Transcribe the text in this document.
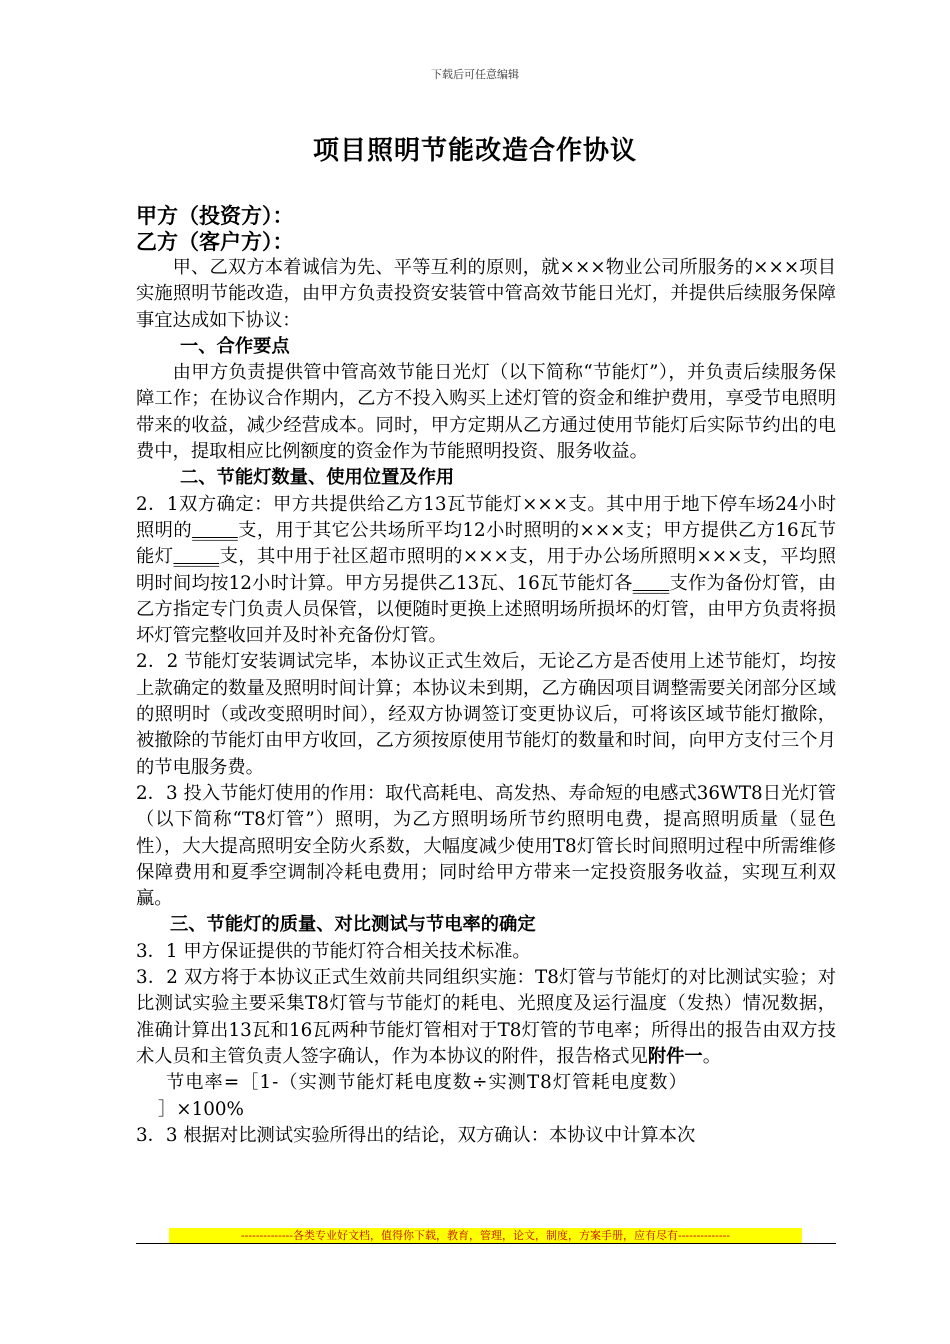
下载后可任意编辑
项目照明节能改造合作协议
甲方（投资方）：
乙方（客户方）：

甲、乙双方本着诚信为先、平等互利的原则，就×××物业公司所服务的×××项目实施照明节能改造，由甲方负责投资安装管中管高效节能日光灯，并提供后续服务保障事宜达成如下协议：

一、合作要点

由甲方负责提供管中管高效节能日光灯（以下简称“节能灯”），并负责后续服务保障工作；在协议合作期内，乙方不投入购买上述灯管的资金和维护费用，享受节电照明带来的收益，减少经营成本。同时，甲方定期从乙方通过使用节能灯后实际节约出的电费中，提取相应比例额度的资金作为节能照明投资、服务收益。

二、节能灯数量、使用位置及作用

2．1双方确定：甲方共提供给乙方13瓦节能灯×××支。其中用于地下停车场24小时照明的_____支，用于其它公共场所平均12小时照明的×××支；甲方提供乙方16瓦节能灯_____支，其中用于社区超市照明的×××支，用于办公场所照明×××支，平均照明时间均按12小时计算。甲方另提供乙13瓦、16瓦节能灯各____支作为备份灯管，由乙方指定专门负责人员保管，以便随时更换上述照明场所损坏的灯管，由甲方负责将损坏灯管完整收回并及时补充备份灯管。

2．2 节能灯安装调试完毕，本协议正式生效后，无论乙方是否使用上述节能灯，均按上款确定的数量及照明时间计算；本协议未到期，乙方确因项目调整需要关闭部分区域的照明时（或改变照明时间），经双方协调签订变更协议后，可将该区域节能灯撤除，被撤除的节能灯由甲方收回，乙方须按原使用节能灯的数量和时间，向甲方支付三个月的节电服务费。

2．3 投入节能灯使用的作用：取代高耗电、高发热、寿命短的电感式36WT8日光灯管（以下简称“T8灯管”）照明，为乙方照明场所节约照明电费，提高照明质量（显色性），大大提高照明安全防火系数，大幅度减少使用T8灯管长时间照明过程中所需维修保障费用和夏季空调制冷耗电费用；同时给甲方带来一定投资服务收益，实现互利双赢。

三、节能灯的质量、对比测试与节电率的确定

3．1 甲方保证提供的节能灯符合相关技术标准。

3．2 双方将于本协议正式生效前共同组织实施：T8灯管与节能灯的对比测试实验；对比测试实验主要采集T8灯管与节能灯的耗电、光照度及运行温度（发热）情况数据，准确计算出13瓦和16瓦两种节能灯管相对于T8灯管的节电率；所得出的报告由双方技术人员和主管负责人签字确认，作为本协议的附件，报告格式见附件一。

节电率=［1-（实测节能灯耗电度数÷实测T8灯管耗电度数）
］×100%

3．3 根据对比测试实验所得出的结论，双方确认：本协议中计算本次

--------------各类专业好文档，值得你下载，教育，管理，论文，制度，方案手册，应有尽有--------------
